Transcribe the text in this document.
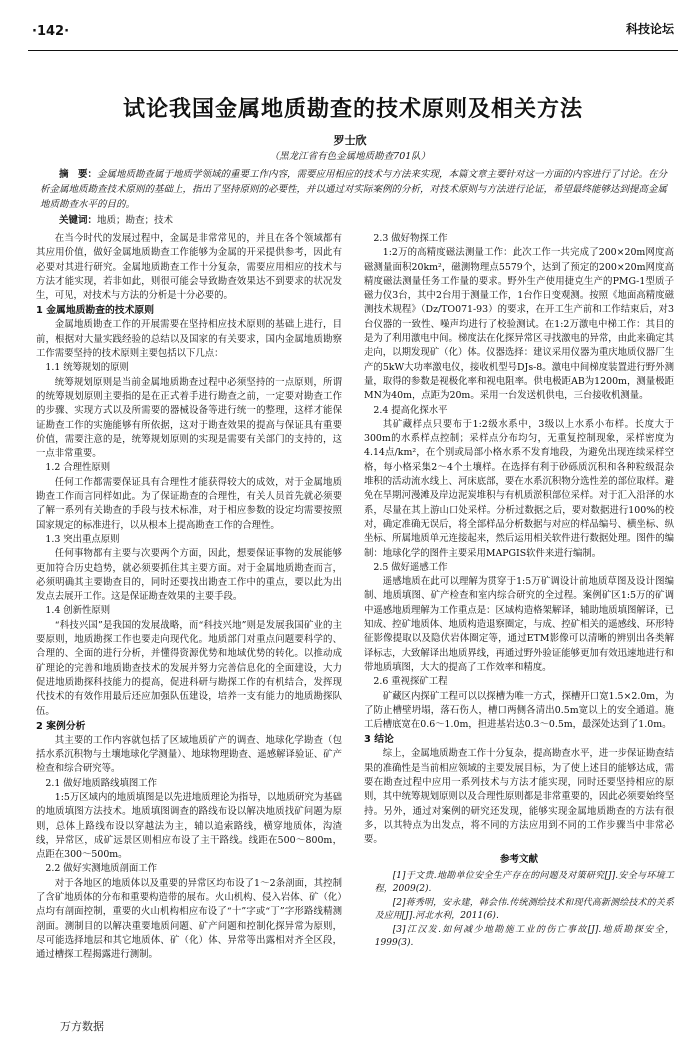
·142·	科技论坛
试论我国金属地质勘查的技术原则及相关方法
罗士欣
（黑龙江省有色金属地质勘查701队）
摘　要：金属地质勘查属于地质学领域的重要工作内容，需要应用相应的技术与方法来实现，本篇文章主要针对这一方面的内容进行了讨论。在分析金属地质勘查技术原则的基础上，指出了坚持原则的必要性，并以通过对实际案例的分析，对技术原则与方法进行论证，希望最终能够达到提高金属地质勘查水平的目的。
关键词：地质；勘查；技术

在当今时代的发展过程中，金属是非常常见的，并且在各个领域都有其应用价值，做好金属地质勘查工作能够为金属的开采提供参考，因此有必要对其进行研究。金属地质勘查工作十分复杂，需要应用相应的技术与方法才能实现，若非如此，则很可能会导致勘查效果达不到要求的状况发生，可见，对技术与方法的分析是十分必要的。

1 金属地质勘查的技术原则

金属地质勘查工作的开展需要在坚持相应技术原则的基础上进行，目前，根据对大量实践经验的总结以及国家的有关要求，国内金属地质勘察工作需要坚持的技术原则主要包括以下几点：

1.1 统筹规划的原则

统筹规划原则是当前金属地质勘查过程中必须坚持的一点原则，所谓的统筹规划原则主要指的是在正式着手进行勘查之前，一定要对勘查工作的步骤、实现方式以及所需要的器械设备等进行统一的整理，这样才能保证勘查工作的实施能够有所依据，这对于勘查效果的提高与保证具有重要价值，需要注意的是，统筹规划原则的实现是需要有关部门的支持的，这一点非常重要。

1.2 合理性原则

任何工作都需要保证具有合理性才能获得较大的成效，对于金属地质勘查工作而言同样如此。为了保证勘查的合理性，有关人员首先就必须要了解一系列有关勘查的手段与技术标准，对于相应参数的设定均需要按照国家规定的标准进行，以从根本上提高勘查工作的合理性。

1.3 突出重点原则

任何事物都有主要与次要两个方面，因此，想要保证事物的发展能够更加符合历史趋势，就必须要抓住其主要方面。对于金属地质勘查而言，必须明确其主要勘查目的，同时还要找出勘查工作中的重点，要以此为出发点去展开工作。这是保证勘查效果的主要手段。

1.4 创新性原则

“科技兴国”是我国的发展战略，而“科技兴地”则是发展我国矿业的主要原则，地质勘探工作也要走向现代化。地质部门对重点问题要科学的、合理的、全面的进行分析，并懂得资源优势和地域优势的转化。以推动成矿理论的完善和地质勘查技术的发展并努力完善信息化的全面建设，大力促进地质勘探科技能力的提高，促进科研与勘探工作的有机结合，发挥现代技术的有效作用最后还应加强队伍建设，培养一支有能力的地质勘探队伍。

2 案例分析

其主要的工作内容就包括了区域地质矿产的调查、地球化学勘查（包括水系沉积物与土壤地球化学测量）、地球物理勘查、遥感解译验证、矿产检查和综合研究等。

2.1 做好地质路线填图工作

1:5万区域内的地质填图是以先进地质理论为指导，以地质研究为基础的地质填图方法技术。地质填图调查的路线布设以解决地质找矿问题为原则，总体上路线布设以穿越法为主，辅以追索路线，横穿地质体，沟渣线，异常区，成矿远景区则相应布设了主干路线。线距在500～800m，点距在300～500m。

2.2 做好实测地质剖面工作

对于各地区的地质体以及重要的异常区均布设了1～2条剖面，其控制了含矿地质体的分布和重要构造带的展布。火山机构、侵入岩体、矿（化）点均有剖面控制，重要的火山机构相应布设了“十”字或“丁”字形路线精测剖面。测制目的以解决重要地质问题、矿产问题和控制化探异常为原则，尽可能选择地层和其它地质体、矿（化）体、异常等出露相对齐全区段，通过槽探工程揭露进行测制。

2.3 做好物探工作

1:2万的高精度磁法测量工作：此次工作一共完成了200×20m网度高磁测量面积20km²，磁测物理点5579个，达到了预定的200×20m网度高精度磁法测量任务工作量的要求。野外生产使用捷克生产的PMG-1型质子磁力仪3台，其中2台用于测量工作，1台作日变观测。按照《地面高精度磁测技术规程》（Dz/TO071-93）的要求，在开工生产前和工作结束后，对3台仪器的一致性、噪声均进行了校验测试。在1:2万激电中梯工作：其目的是为了利用激电中间。梯度法在化探异常区寻找激电的异常，由此来确定其走向，以期发现矿（化）体。仪器选择：建议采用仪器为重庆地质仪器厂生产的5kW大功率激电仪，接收机型号DJs-8。激电中间梯度装置进行野外测量，取得的参数是视极化率和视电阻率。供电极距AB为1200m，测量极距MN为40m，点距为20m。采用一台发送机供电，三台接收机测量。

2.4 提高化探水平

其矿藏样点只要布于1:2级水系中，3级以上水系小布样。长度大于300m的水系样点控制；采样点分布均匀，无重复控制现象，采样密度为4.14点/km²，在个别或局部小格水系不发育地段，为避免出现连续采样空格，每小格采集2～4个土壤样。在选择有利于砂砾质沉积和各种粒级混杂堆积的活动流水线上、河床底部，要在水系沉积物分选性差的部位取样。避免在旱期河漫滩及岸边泥炭堆积与有机质淤积部位采样。对于汇入沿泽的水系，尽量在其上游山口处采样。分析过数据之后，要对数据进行100%的校对，确定准确无误后，将全部样品分析数据与对应的样品编号、横坐标、纵坐标、所属地质单元连接起来，然后运用相关软件进行数据处理。图件的编制：地球化学的图件主要采用MAPGIS软件来进行编制。

2.5 做好遥感工作

遥感地质在此可以理解为贯穿于1:5万矿调设计前地质草图及设计图编制、地质填图、矿产检查和室内综合研究的全过程。案例矿区1:5万的矿调中遥感地质理解为工作重点是：区域构造格架解译，辅助地质填图解译，已知成、控矿地质体、地质构造退察圈定，与成、控矿相关的遥感线、环形特征影像提取以及隐伏岩体圈定等，通过ETM影像可以清晰的辨别出各类解译标志，大致解译出地质界线，再通过野外验证能够更加有效迅速地进行和带地质填图，大大的提高了工作效率和精度。

2.6 重视探矿工程

矿藏区内探矿工程可以以探槽为唯一方式，探槽开口宽1.5×2.0m，为了防止槽壁坍塌，落石伤人，槽口两侧各清出0.5m宽以上的安全通道。施工后槽底宽在0.6～1.0m，担进基岩达0.3～0.5m，最深处达到了1.0m。

3 结论

综上，金属地质勘查工作十分复杂，提高勘查水平，进一步保证勘查结果的准确性是当前相应领域的主要发展目标，为了使上述目的能够达成，需要在勘查过程中应用一系列技术与方法才能实现，同时还要坚持相应的原则，其中统筹规划原则以及合理性原则都是非常重要的，因此必须要始终坚持。另外，通过对案例的研究还发现，能够实现金属地质勘查的方法有很多，以其特点为出发点，将不同的方法应用到不同的工作步骤当中非常必要。

参考文献

[1]于文贵.地勘单位安全生产存在的问题及对策研究[J].安全与环境工程，2009(2).

[2]蒋秀明，安永建，韩会伟.传统测绘技术和现代高新测绘技术的关系及应用[J].河北水利，2011(6).

[3]江汉发.如何减少地勘施工业的伤亡事故[J].地质勘探安全，1999(3).

万方数据
